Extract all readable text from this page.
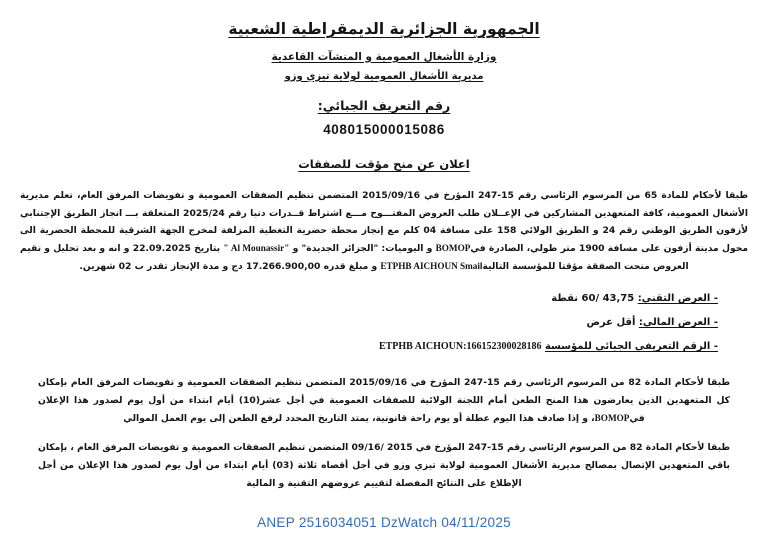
الجمهورية الجزائرية الديمقراطية الشعبية
وزارة الأشغال العمومية و المنشآت القاعدية
مديرية الأشغال العمومية لولاية تيزي وزو
رقم التعريف الجبائي:
408015000015086
اعلان عن منح مؤقت للصفقات

طبقا لأحكام للمادة 65 من المرسوم الرئاسي رقم 15-247 المؤرخ في 2015/09/16 المتضمن تنظيم الصفقات العمومية و تفويضات المرفق العام، تعلم مديرية الأشغال العمومية، كافة المتعهدين المشاركين في الإعــلان طلب العروض المفتـــوح مـــع اشتراط قــدرات دنيا رقم 2025/24 المتعلقة بـــ انجاز الطريق الإجتنابي لأزفون الطريق الوطني رقم 24 و الطريق الولائي 158 على مسافة 04 كلم مع إنجاز محطة حضرية التغطية المزلفة لمخرج الجهة الشرقية للمحطة الحضرية الى محول مدينة أزفون على مسافة 1900 متر طولي، الصادرة فيBOMOP و اليوميات: "الجزائر الجديدة" و " Al Mounassir" بتاريخ 22.09.2025 و انه و بعد تحليل و تقيم العروض منحت الصفقة مؤقتا للمؤسسة التاليةETPHB AICHOUN Smail و مبلغ قدره 17.266.900,00 دج و مدة الإنجاز تقدر ب 02 شهرين.

- العرض التقني: 43,75 /60 نقطة
- العرض المالي: أقل عرض
- الرقم التعريفي الجبائي للمؤسسة ETPHB AICHOUN:166152300028186

طبقا لأحكام المادة 82 من المرسوم الرئاسي رقم 15-247 المؤرخ في 2015/09/16 المتضمن تنظيم الصفقات العمومية و تفويضات المرفق العام بإمكان كل المتعهدين الذين يعارضون هذا المنح الطعن أمام اللجنة الولائية للصفقات العمومية في أجل عشر(10) أيام ابتداء من أول يوم لصدور هذا الإعلان فيBOMOP، و إذا صادف هذا اليوم عطلة أو يوم راحة قانونية، يمتد التاريخ المحدد لرفع الطعن إلى يوم العمل الموالي

طبقا لأحكام المادة 82 من المرسوم الرئاسي رقم 15-247 المؤرخ في 2015 /09/16 المتضمن تنظيم الصفقات العمومية و تفويضات المرفق العام ، بإمكان باقي المتعهدين الإتصال بمصالح مديرية الأشغال العمومية لولاية تيزي وزو في أجل أقصاه ثلاثة (03) أيام ابتداء من أول يوم لصدور هذا الإعلان من أجل الإطلاع على النتائج المفصلة لتقييم عروضهم التقنية و المالية

ANEP 2516034051 DzWatch 04/11/2025
